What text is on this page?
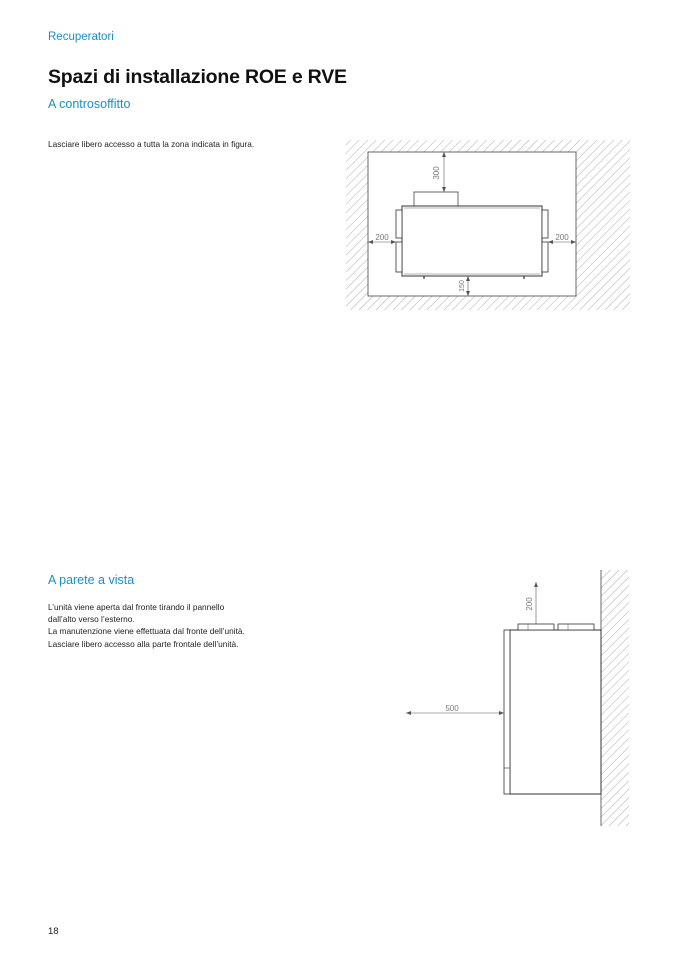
Recuperatori
Spazi di installazione ROE e RVE
A controsoffitto
Lasciare libero accesso a tutta la zona indicata in figura.
300
200	200
150
A parete a vista

L’unità viene aperta dal fronte tirando il pannello

dall’alto verso l’esterno.

La manutenzione viene effettuata dal fronte dell’unità.

Lasciare libero accesso alla parte frontale dell’unità.

200
500
18
